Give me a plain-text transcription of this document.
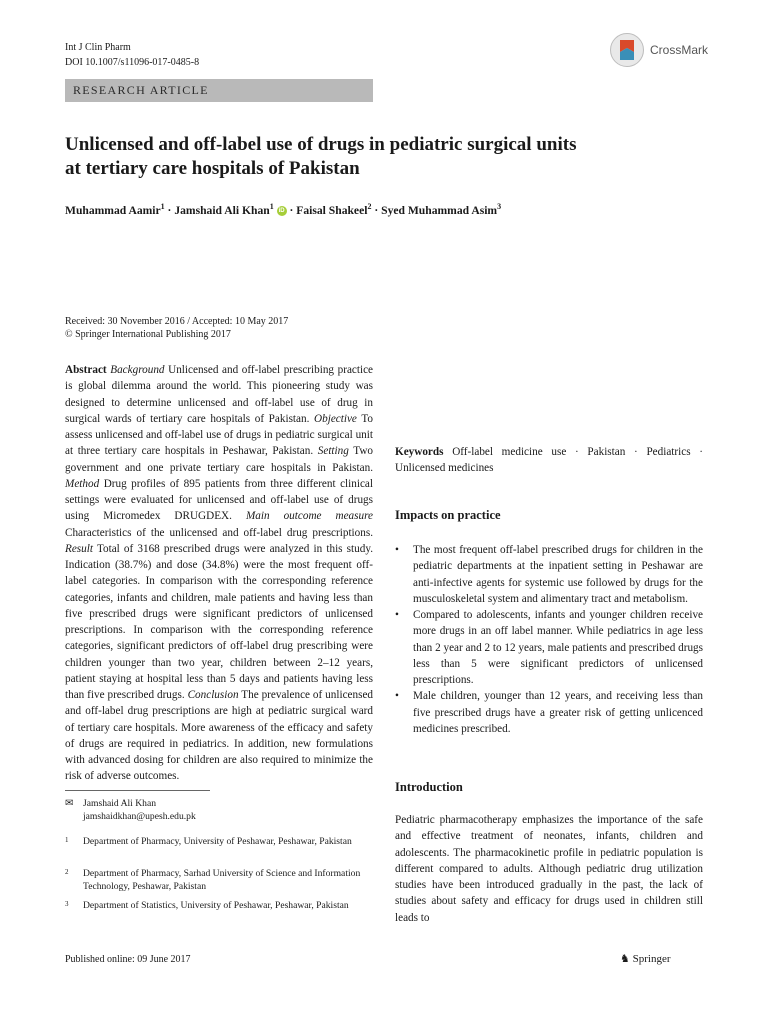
Int J Clin Pharm
DOI 10.1007/s11096-017-0485-8
CrossMark
RESEARCH ARTICLE
Unlicensed and off-label use of drugs in pediatric surgical units
at tertiary care hospitals of Pakistan
Muhammad Aamir$^1$ · Jamshaid Ali Khan$^1$ iD · Faisal Shakeel$^2$ · Syed Muhammad Asim$^3$
Received: 30 November 2016 / Accepted: 10 May 2017
© Springer International Publishing 2017
Abstract Background Unlicensed and off-label prescribing practice is global dilemma around the world. This pioneering study was designed to determine unlicensed and off-label use of drug in surgical wards of tertiary care hospitals of Pakistan. Objective To assess unlicensed and off-label use of drugs in pediatric surgical unit at three tertiary care hospitals in Peshawar, Pakistan. Setting Two government and one private tertiary care hospitals in Pakistan. Method Drug profiles of 895 patients from three different clinical settings were evaluated for unlicensed and off-label use of drugs using Micromedex DRUGDEX. Main outcome measure Characteristics of the unlicensed and off-label drug prescriptions. Result Total of 3168 prescribed drugs were analyzed in this study. Indication (38.7%) and dose (34.8%) were the most frequent off-label categories. In comparison with the corresponding reference categories, infants and children, male patients and having less than five prescribed drugs were significant predictors of unlicensed prescriptions. In comparison with the corresponding reference categories, significant predictors of off-label drug prescribing were children younger than two year, children between 2–12 years, patient staying at hospital less than 5 days and patients having less than five prescribed drugs. Conclusion The prevalence of unlicensed and off-label drug prescriptions are high at pediatric surgical ward of tertiary care hospitals. More awareness of the efficacy and safety of drugs are required in pediatrics. In addition, new formulations with advanced dosing for children are also required to minimize the risk of adverse outcomes.
Keywords Off-label medicine use · Pakistan · Pediatrics · Unlicensed medicines
Impacts on practice
• The most frequent off-label prescribed drugs for children in the pediatric departments at the inpatient setting in Peshawar are anti-infective agents for systemic use followed by drugs for the musculoskeletal system and alimentary tract and metabolism.
• Compared to adolescents, infants and younger children receive more drugs in an off label manner. While pediatrics in age less than 2 year and 2 to 12 years, male patients and prescribed drugs less than 5 were significant predictors of unlicensed prescriptions.
• Male children, younger than 12 years, and receiving less than five prescribed drugs have a greater risk of getting unlicenced medicines prescribed.
Introduction
Pediatric pharmacotherapy emphasizes the importance of the safe and effective treatment of neonates, infants, children and adolescents. The pharmacokinetic profile in pediatric population is different compared to adults. Although pediatric drug utilization studies have been introduced gradually in the past, the lack of studies about safety and efficacy for drugs used in children still leads to
✉ Jamshaid Ali Khan
jamshaidkhan@upesh.edu.pk
1 Department of Pharmacy, University of Peshawar, Peshawar, Pakistan
2 Department of Pharmacy, Sarhad University of Science and Information Technology, Peshawar, Pakistan
3 Department of Statistics, University of Peshawar, Peshawar, Pakistan
Published online: 09 June 2017	♞ Springer
